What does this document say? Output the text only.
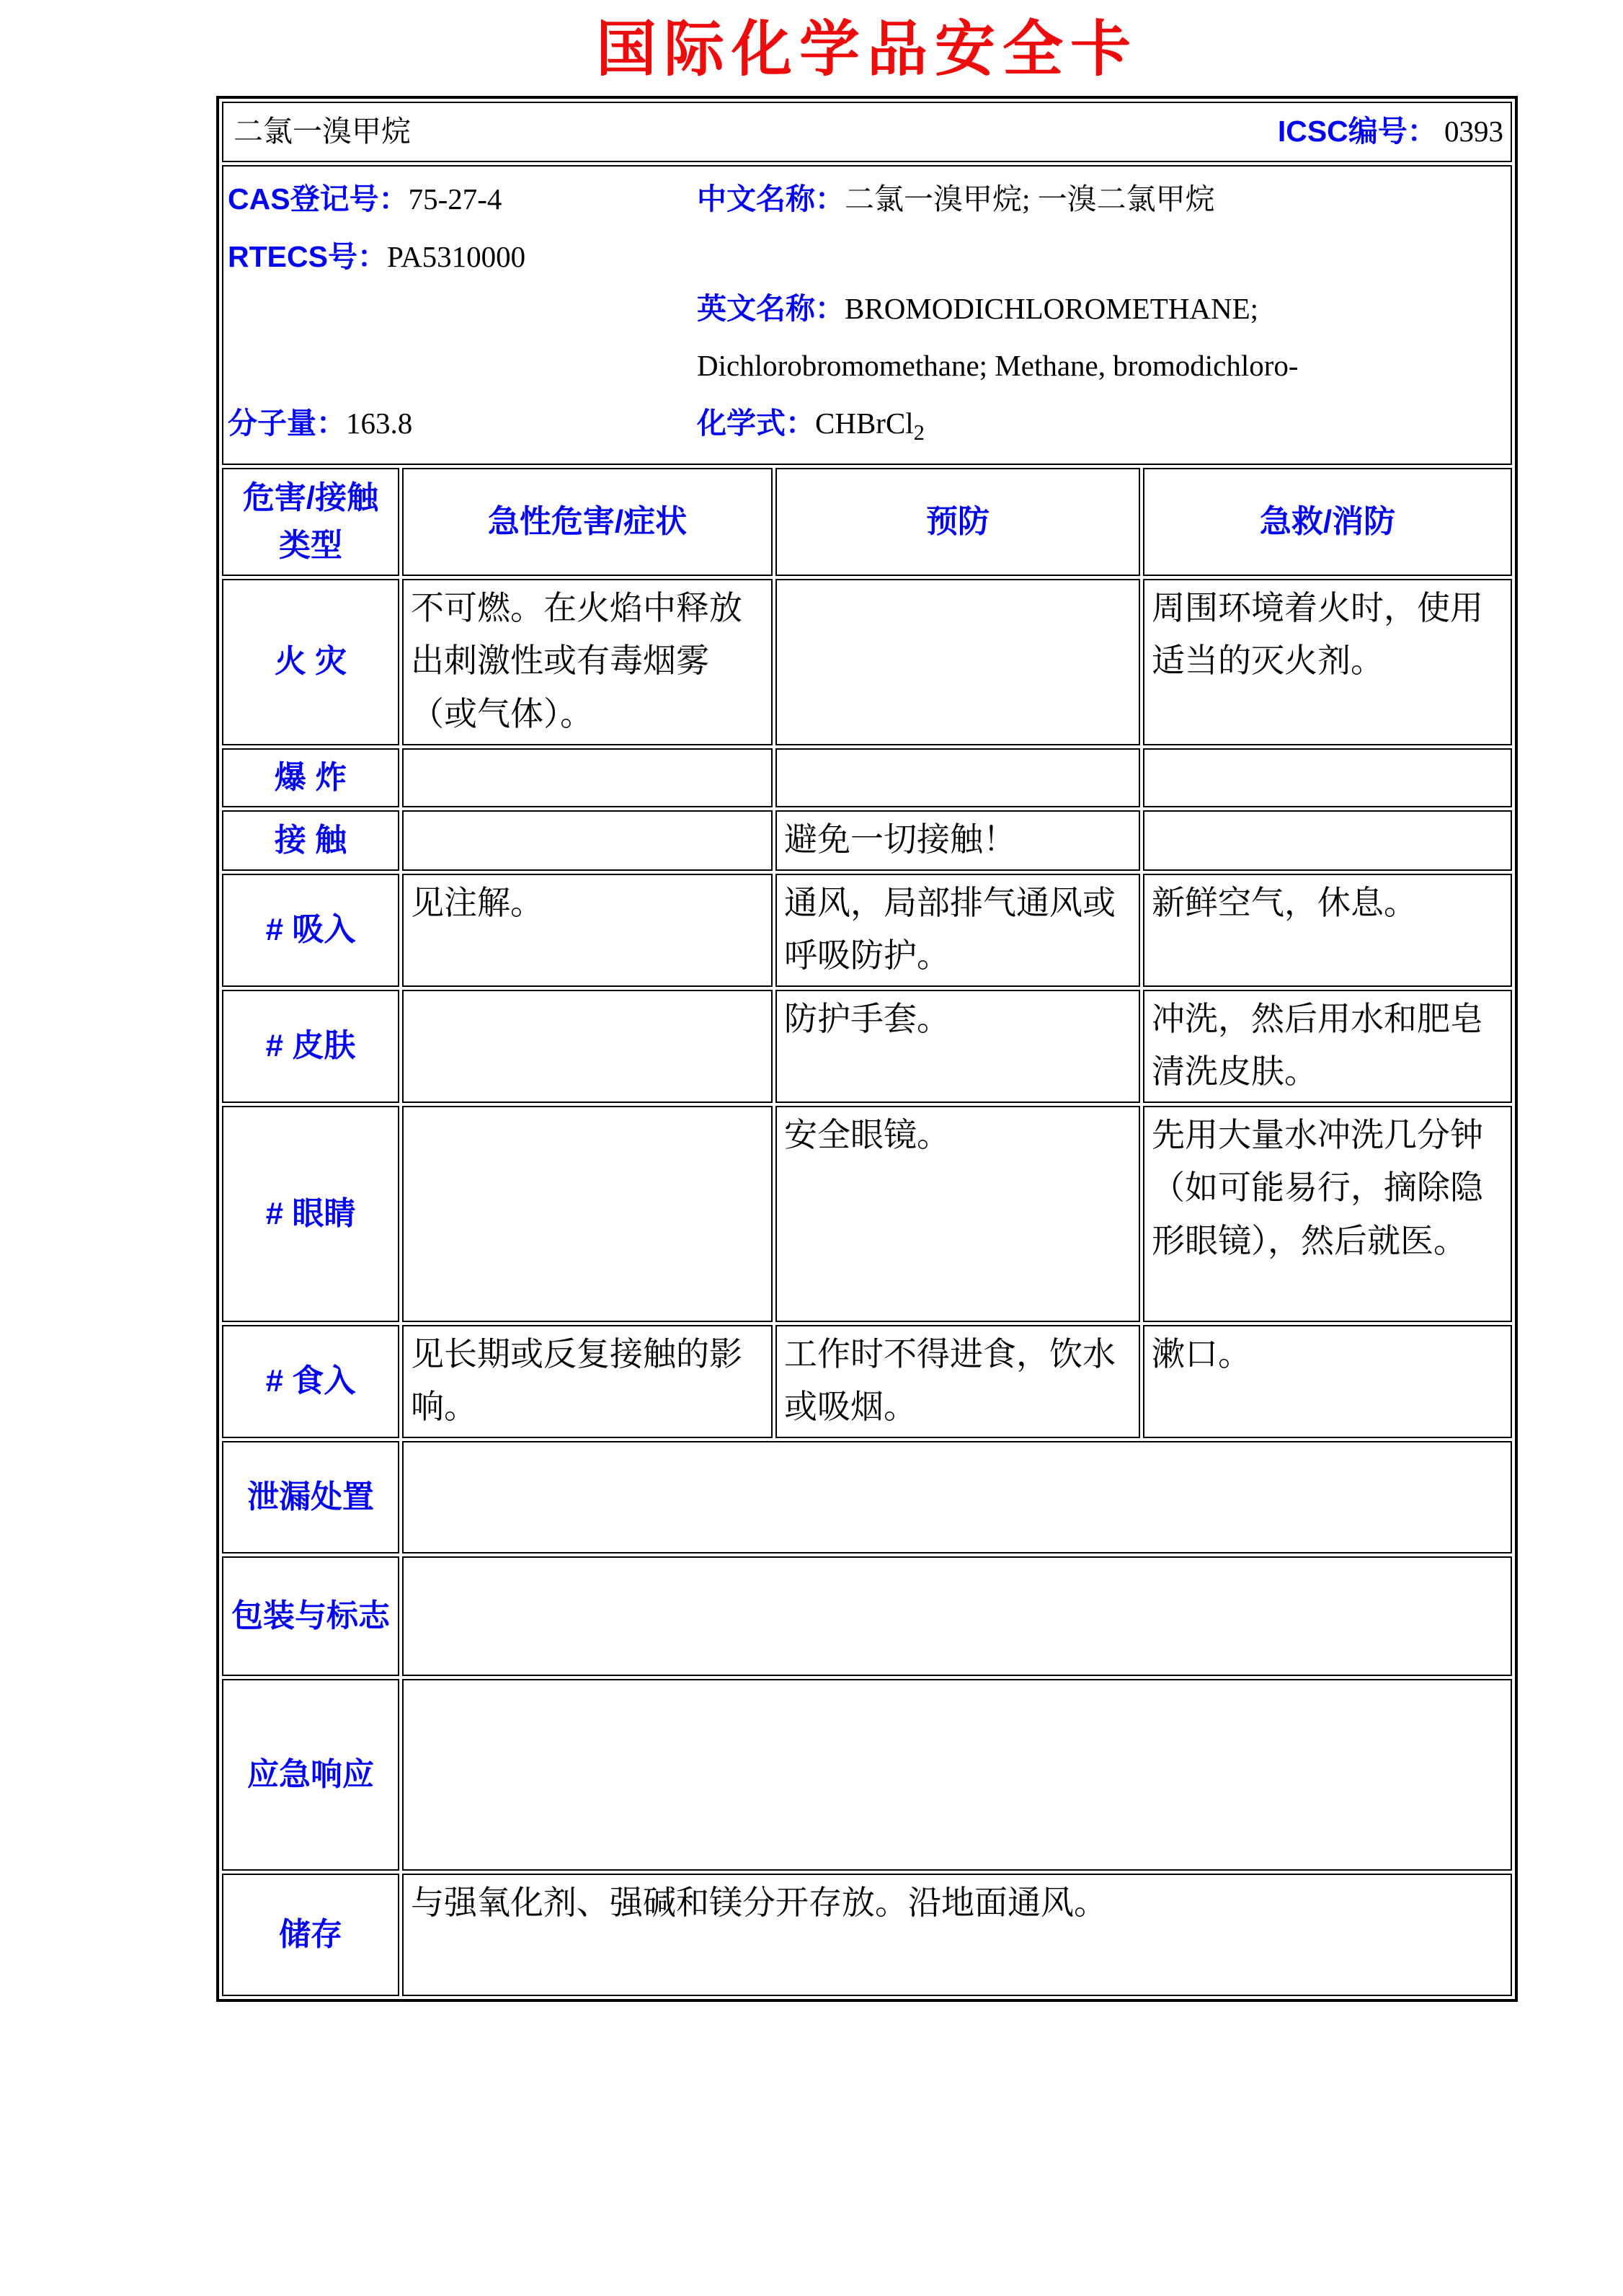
国际化学品安全卡
二氯一溴甲烷 ICSC编号： 0393			

CAS登记号：75-27-4
RTECS号：PA5310000
中文名称：二氯一溴甲烷; 一溴二氯甲烷
英文名称：BROMODICHLOROMETHANE;
Dichlorobromomethane; Methane, bromodichloro-
分子量：163.8	化学式：CHBrCl$_2$

危害/接触
类型	急性危害/症状	预防	急救/消防
火 灾	不可燃。在火焰中释放出刺激性或有毒烟雾（或气体）。		周围环境着火时，使用适当的灭火剂。
爆 炸			
接 触		避免一切接触！	
# 吸入	见注解。	通风，局部排气通风或呼吸防护。	新鲜空气，休息。
# 皮肤		防护手套。	冲洗，然后用水和肥皂清洗皮肤。
# 眼睛		安全眼镜。	先用大量水冲洗几分钟（如可能易行，摘除隐形眼镜），然后就医。
# 食入	见长期或反复接触的影响。	工作时不得进食，饮水或吸烟。	漱口。
泄漏处置			
包装与标志			
应急响应			
储存	与强氧化剂、强碱和镁分开存放。沿地面通风。		
